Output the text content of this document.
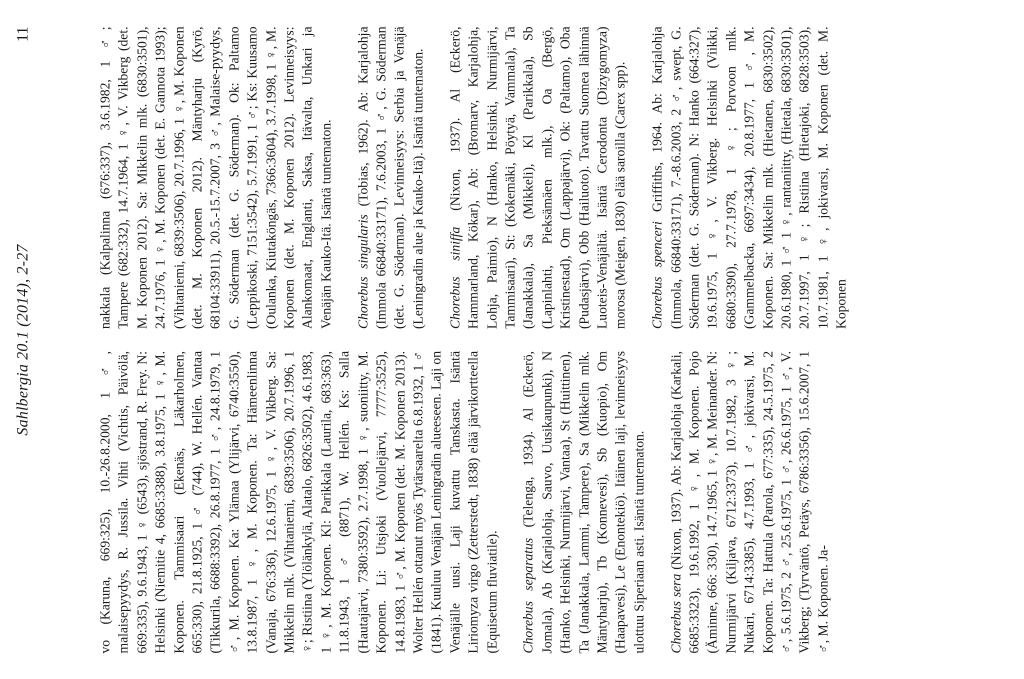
Sahlbergia 20.1 (2014), 2-27
11

vo (Karuna, 669:325), 10.-26.8.2000, 1 ♂, malaisepyydys, R. Jussila. Vihti (Vichtis, Päivölä, 669:335), 9.6.1943, 1 ♀ (6543), sjöstrand, R. Frey. N: Helsinki (Niemitie 4, 6685:3388), 3.8.1975, 1 ♀, M. Koponen. Tammisaari (Ekenäs, Läkarholmen, 665:330), 21.8.1925, 1 ♂ (744), W. Hellén. Vantaa (Tikkurila, 6688:3392), 26.8.1977, 1 ♂, 24.8.1979, 1 ♂, M. Koponen. Ka: Ylämaa (Ylijärvi, 6740:3550), 13.8.1987, 1 ♀, M. Koponen. Ta: Hämeenlinna (Vanaja, 676:336), 12.6.1975, 1 ♀, V. Vikberg. Sa: Mikkelin mlk. (Vihtaniemi, 6839:3506), 20.7.1996, 1 ♀; Ristiina (Ylölänkylä, Alatalo, 6826:3502), 4.6.1983, 1 ♀, M. Koponen. Kl: Parikkala (Laurila, 683:363), 11.8.1943, 1 ♂ (8871), W. Hellén. Ks: Salla (Hautajärvi, 7380:3592), 2.7.1998, 1 ♀, suoniitty, M. Koponen. Li: Utsjoki (Vuollejärvi, 7777:3525), 14.8.1983, 1 ♂, M. Koponen (det. M. Koponen 2013). Wolter Hellén ottanut myös Tytärsaarelta 6.8.1932, 1 ♂ (1841). Kuuluu Venäjän Leningradin alueeseen. Laji on Venäjälle uusi. Laji kuvattu Tanskasta. Isäntä Liriomyza virgo (Zetterstedt, 1838) elää järvikortteella (Equisetum fluviatile). Chorebus separatus (Telenga, 1934). Al (Eckerö, Jomala), Ab (Karjalohja, Sauvo, Uusikaupunki), N (Hanko, Helsinki, Nurmijärvi, Vantaa), St (Huittinen), Ta (Janakkala, Lammi, Tampere), Sa (Mikkelin mlk. Mäntyharju), Tb (Konnevesi), Sb (Kuopio), Om (Haapavesi), Le (Enontekiö). Itäinen laji, levinneisyys ulottuu Siperiaan asti. Isäntä tuntematon. Chorebus sera (Nixon, 1937). Ab: Karjalohja (Karkali, 6685:3323), 19.6.1992, 1 ♀, M. Koponen. Pojo (Äminne, 666: 330), 14.7.1965, 1 ♀, M. Meinander. N: Nurmijärvi (Kiljava, 6712:3373), 10.7.1982, 3 ♀; Nukari, 6714:3385), 4.7.1993, 1 ♂, jokivarsi, M. Koponen. Ta: Hattula (Parola, 677:335), 24.5.1975, 2 ♂, 5.6.1975, 2 ♂, 25.6.1975, 1 ♂, 26.6.1975, 1 ♂, V. Vikberg; (Tyrväntö, Petäys, 6786:3356), 15.6.2007, 1 ♂, M. Koponen. Ja-

nakkala (Kalpalinna (676:337), 3.6.1982, 1 ♂; Tampere (682:332), 14.7.1964, 1 ♀, V. Vikberg (det. M. Koponen 2012). Sa: Mikkelin mlk. (6830:3501), 24.7.1976, 1 ♀, M. Koponen (det. E. Gannota 1993); (Vihtaniemi, 6839:3506), 20.7.1996, 1 ♀, M. Koponen (det. M. Koponen 2012). Mäntyharju (Kyrö, 68104:33911), 20.5.-15.7.2007, 3 ♂, Malaise-pyydys, G. Söderman (det. G. Söderman). Ok: Paltamo (Leppikoski, 7151:3542), 5.7.1991, 1 ♂; Ks: Kuusamo (Oulanka, Kiutaköngäs, 7366:3604), 3.7.1998, 1 ♀, M. Koponen (det. M. Koponen 2012). Levinneisyys: Alankomaat, Englanti, Saksa, Itävalta, Unkari ja Venäjän Kauko-Itä. Isäntä tuntematon. Chorebus singularis (Tobias, 1962). Ab: Karjalohja (Immola 66840:33171), 7.6.2003, 1 ♂, G. Söderman (det. G. Söderman). Levinneisyys: Serbia ja Venäjä (Leningradin alue ja Kauko-Itä). Isäntä tuntematon. Chorebus siniffa (Nixon, 1937). Al (Eckerö, Hammarland, Kökar), Ab: (Bromarv, Karjalohja, Lohja, Paimio), N (Hanko, Helsinki, Nurmijärvi, Tammisaari), St: (Kokemäki, Pöytyä, Vammala), Ta (Janakkala), Sa (Mikkeli), Kl (Parikkala), Sb (Lapinlahti, Pieksämäen mlk.), Oa (Bergö, Kristinestad), Om (Lappajärvi), Ok: (Paltamo), Oba (Pudasjärvi), Obb (Hailuoto). Tavattu Suomea lähinnä Luoteis-Venäjältä. Isäntä Cerodonta (Dizygomyza) morosa (Meigen, 1830) elää saroilla (Carex spp). Chorebus spenceri Griffiths, 1964. Ab: Karjalohja (Immola, 66840:33171), 7.-8.6.2003, 2 ♂, swept, G. Söderman (det. G. Söderman). N: Hanko (664:327), 19.6.1975, 1 ♀, V. Vikberg. Helsinki (Viikki, 6680:3390), 27.7.1978, 1 ♀; Porvoon mlk. (Gammelbacka, 6697:3434), 20.8.1977, 1 ♂, M. Koponen. Sa: Mikkelin mlk. (Hietanen, 6830:3502), 20.6.1980, 1 ♂ 1 ♀, rantaniitty, (Hietala, 6830:3501), 20.7.1997, 1 ♀; Ristiina (Hietajoki, 6828:3503), 10.7.1981, 1 ♀, jokivarsi, M. Koponen (det. M. Koponen
